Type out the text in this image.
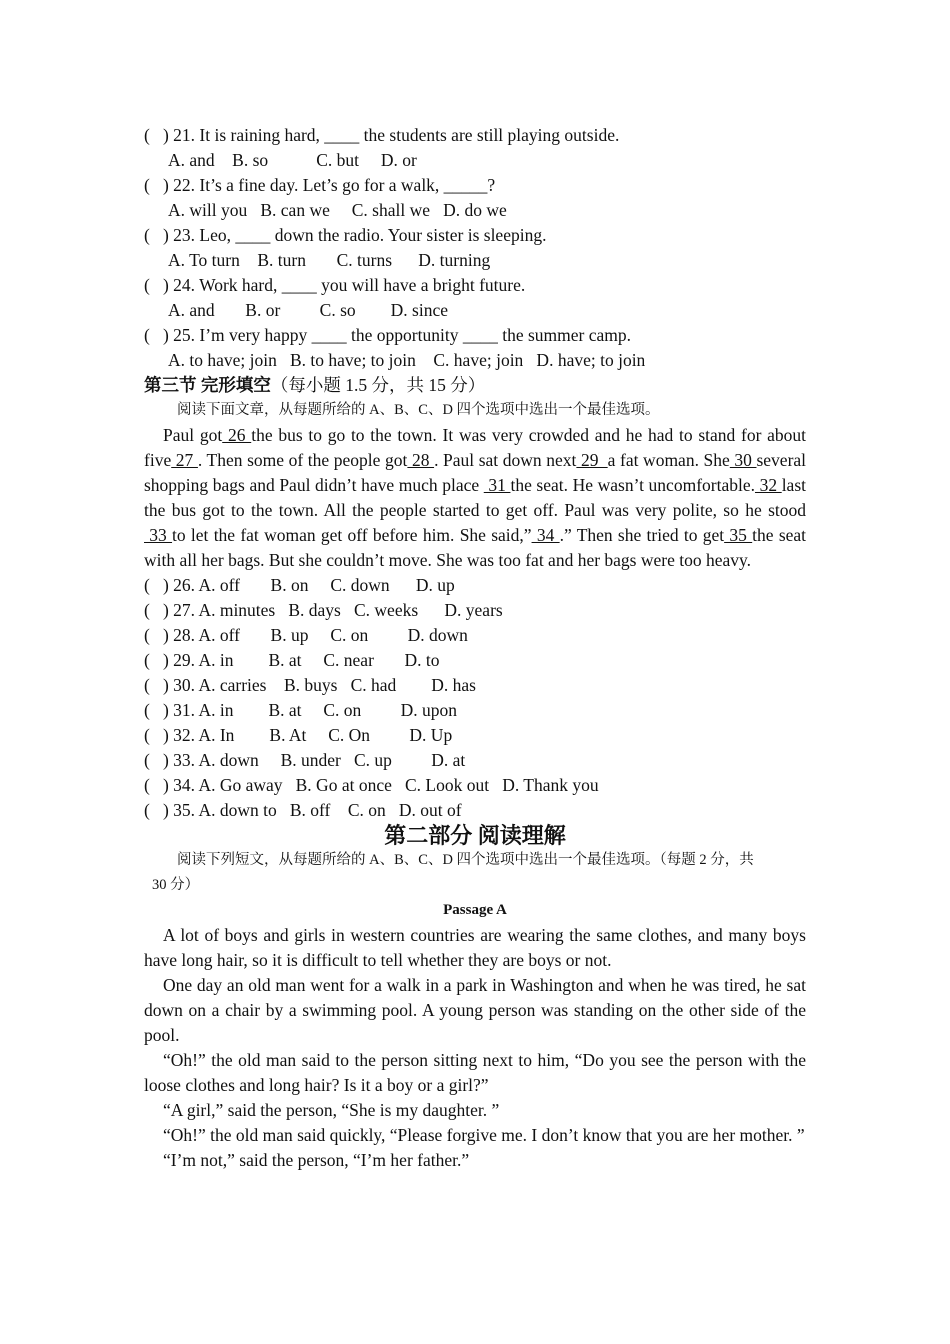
(   ) 21. It is raining hard, ____ the students are still playing outside.
A. and    B. so           C. but     D. or
(   ) 22. It’s a fine day. Let’s go for a walk, _____?
A. will you   B. can we     C. shall we   D. do we
(   ) 23. Leo, ____ down the radio. Your sister is sleeping.
A. To turn    B. turn       C. turns      D. turning
(   ) 24. Work hard, ____ you will have a bright future.
A. and       B. or         C. so        D. since
(   ) 25. I’m very happy ____ the opportunity ____ the summer camp.
A. to have; join   B. to have; to join    C. have; join   D. have; to join
第三节 完形填空（每小题 1.5 分，共 15 分）
阅读下面文章，从每题所给的 A、B、C、D 四个选项中选出一个最佳选项。
Paul got 26 the bus to go to the town. It was very crowded and he had to stand for about five 27 . Then some of the people got 28 . Paul sat down next 29  a fat woman. She 30 several shopping bags and Paul didn’t have much place  31 the seat. He wasn’t uncomfortable. 32 last the bus got to the town. All the people started to get off. Paul was very polite, so he stood 33 to let the fat woman get off before him. She said,” 34 .” Then she tried to get 35 the seat with all her bags. But she couldn’t move. She was too fat and her bags were too heavy.
(   ) 26. A. off       B. on     C. down      D. up
(   ) 27. A. minutes   B. days   C. weeks      D. years
(   ) 28. A. off       B. up     C. on         D. down
(   ) 29. A. in        B. at     C. near       D. to
(   ) 30. A. carries    B. buys   C. had        D. has
(   ) 31. A. in        B. at     C. on         D. upon
(   ) 32. A. In        B. At     C. On         D. Up
(   ) 33. A. down     B. under   C. up         D. at
(   ) 34. A. Go away   B. Go at once   C. Look out   D. Thank you
(   ) 35. A. down to   B. off    C. on   D. out of
第二部分 阅读理解
阅读下列短文，从每题所给的 A、B、C、D 四个选项中选出一个最佳选项。（每题 2 分，共
30 分）
Passage A
A lot of boys and girls in western countries are wearing the same clothes, and many boys have long hair, so it is difficult to tell whether they are boys or not.
One day an old man went for a walk in a park in Washington and when he was tired, he sat down on a chair by a swimming pool. A young person was standing on the other side of the pool.
“Oh!” the old man said to the person sitting next to him, “Do you see the person with the loose clothes and long hair? Is it a boy or a girl?”
“A girl,” said the person, “She is my daughter. ”
“Oh!” the old man said quickly, “Please forgive me. I don’t know that you are her mother. ”
“I’m not,” said the person, “I’m her father.”
